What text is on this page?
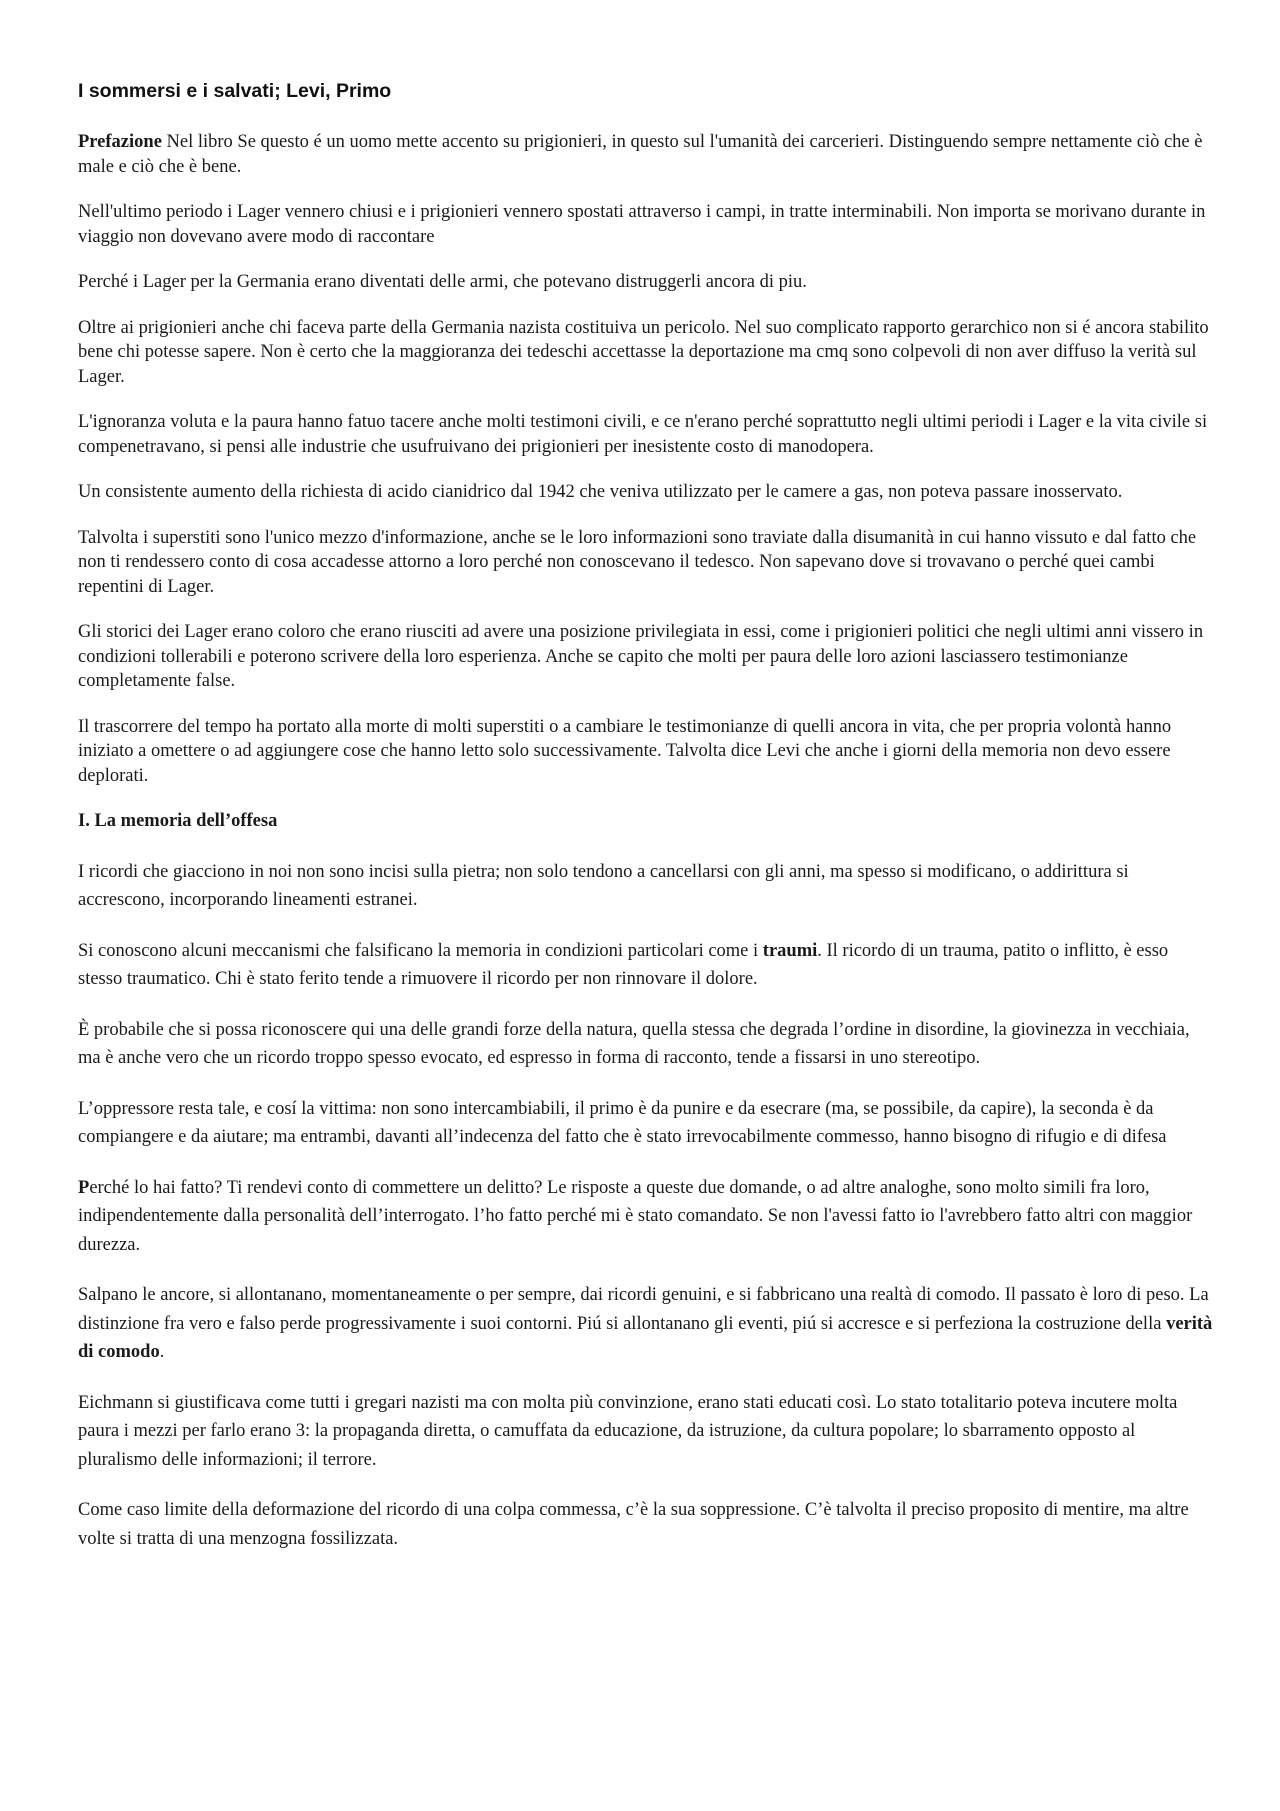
I sommersi e i salvati; Levi, Primo

Prefazione Nel libro Se questo é un uomo mette accento su prigionieri, in questo sul l'umanità dei carcerieri. Distinguendo sempre nettamente ciò che è male e ciò che è bene.

Nell'ultimo periodo i Lager vennero chiusi e i prigionieri vennero spostati attraverso i campi, in tratte interminabili. Non importa se morivano durante in viaggio non dovevano avere modo di raccontare

Perché i Lager per la Germania erano diventati delle armi, che potevano distruggerli ancora di piu.

Oltre ai prigionieri anche chi faceva parte della Germania nazista costituiva un pericolo. Nel suo complicato rapporto gerarchico non si é ancora stabilito bene chi potesse sapere. Non è certo che la maggioranza dei tedeschi accettasse la deportazione ma cmq sono colpevoli di non aver diffuso la verità sul Lager.

L'ignoranza voluta e la paura hanno fatuo tacere anche molti testimoni civili, e ce n'erano perché soprattutto negli ultimi periodi i Lager e la vita civile si compenetravano, si pensi alle industrie che usufruivano dei prigionieri per inesistente costo di manodopera.

Un consistente aumento della richiesta di acido cianidrico dal 1942 che veniva utilizzato per le camere a gas, non poteva passare inosservato.

Talvolta i superstiti sono l'unico mezzo d'informazione, anche se le loro informazioni sono traviate dalla disumanità in cui hanno vissuto e dal fatto che non ti rendessero conto di cosa accadesse attorno a loro perché non conoscevano il tedesco. Non sapevano dove si trovavano o perché quei cambi repentini di Lager.

Gli storici dei Lager erano coloro che erano riusciti ad avere una posizione privilegiata in essi, come i prigionieri politici che negli ultimi anni vissero in condizioni tollerabili e poterono scrivere della loro esperienza. Anche se capito che molti per paura delle loro azioni lasciassero testimonianze completamente false.

Il trascorrere del tempo ha portato alla morte di molti superstiti o a cambiare le testimonianze di quelli ancora in vita, che per propria volontà hanno iniziato a omettere o ad aggiungere cose che hanno letto solo successivamente. Talvolta dice Levi che anche i giorni della memoria non devo essere deplorati.

I. La memoria dell’offesa

I ricordi che giacciono in noi non sono incisi sulla pietra; non solo tendono a cancellarsi con gli anni, ma spesso si modificano, o addirittura si accrescono, incorporando lineamenti estranei.

Si conoscono alcuni meccanismi che falsificano la memoria in condizioni particolari come i traumi. Il ricordo di un trauma, patito o inflitto, è esso stesso traumatico. Chi è stato ferito tende a rimuovere il ricordo per non rinnovare il dolore.

È probabile che si possa riconoscere qui una delle grandi forze della natura, quella stessa che degrada l’ordine in disordine, la giovinezza in vecchiaia, ma è anche vero che un ricordo troppo spesso evocato, ed espresso in forma di racconto, tende a fissarsi in uno stereotipo.

L’oppressore resta tale, e cosí la vittima: non sono intercambiabili, il primo è da punire e da esecrare (ma, se possibile, da capire), la seconda è da compiangere e da aiutare; ma entrambi, davanti all’indecenza del fatto che è stato irrevocabilmente commesso, hanno bisogno di rifugio e di difesa

Perché lo hai fatto? Ti rendevi conto di commettere un delitto? Le risposte a queste due domande, o ad altre analoghe, sono molto simili fra loro, indipendentemente dalla personalità dell’interrogato. l’ho fatto perché mi è stato comandato. Se non l'avessi fatto io l'avrebbero fatto altri con maggior durezza.

Salpano le ancore, si allontanano, momentaneamente o per sempre, dai ricordi genuini, e si fabbricano una realtà di comodo. Il passato è loro di peso. La distinzione fra vero e falso perde progressivamente i suoi contorni. Piú si allontanano gli eventi, piú si accresce e si perfeziona la costruzione della verità di comodo.

Eichmann si giustificava come tutti i gregari nazisti ma con molta più convinzione, erano stati educati così. Lo stato totalitario poteva incutere molta paura i mezzi per farlo erano 3: la propaganda diretta, o camuffata da educazione, da istruzione, da cultura popolare; lo sbarramento opposto al pluralismo delle informazioni; il terrore.

Come caso limite della deformazione del ricordo di una colpa commessa, c’è la sua soppressione. C’è talvolta il preciso proposito di mentire, ma altre volte si tratta di una menzogna fossilizzata.
